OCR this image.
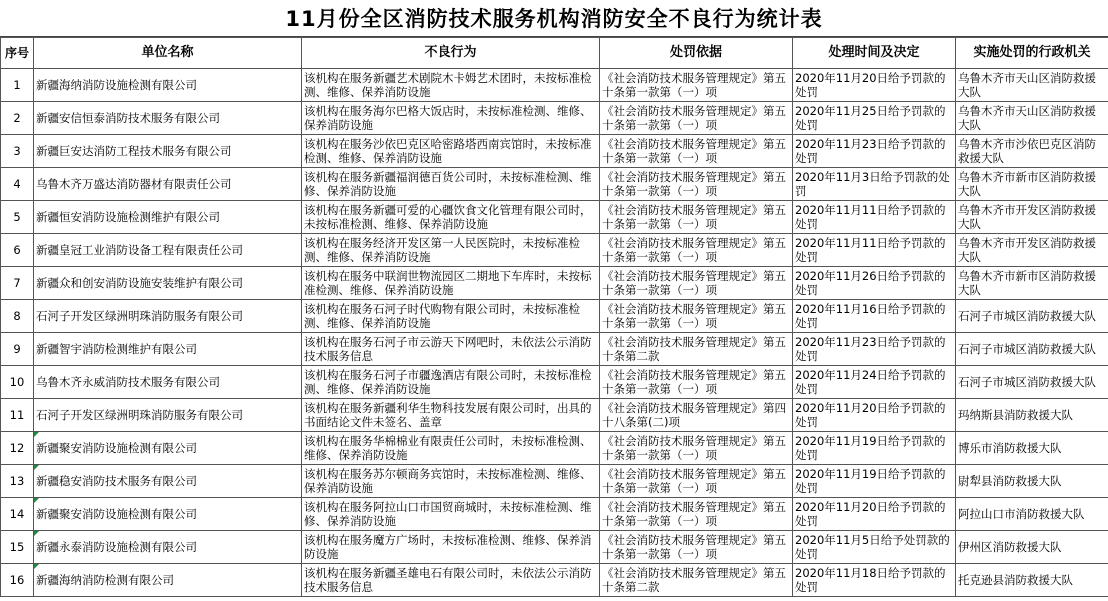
11月份全区消防技术服务机构消防安全不良行为统计表
序号	单位名称	不良行为	处罚依据	处理时间及决定	实施处罚的行政机关
1	新疆海纳消防设施检测有限公司	该机构在服务新疆艺术剧院木卡姆艺术团时，未按标准检测、维修、保养消防设施	《社会消防技术服务管理规定》第五十条第一款第（一）项	2020年11月20日给予罚款的处罚	乌鲁木齐市天山区消防救援大队
2	新疆安信恒泰消防技术服务有限公司	该机构在服务海尔巴格大饭店时，未按标准检测、维修、保养消防设施	《社会消防技术服务管理规定》第五十条第一款第（一）项	2020年11月25日给予罚款的处罚	乌鲁木齐市天山区消防救援大队
3	新疆巨安达消防工程技术服务有限公司	该机构在服务沙依巴克区哈密路塔西南宾馆时，未按标准检测、维修、保养消防设施	《社会消防技术服务管理规定》第五十条第一款第（一）项	2020年11月23日给予罚款的处罚	乌鲁木齐市沙依巴克区消防救援大队
4	乌鲁木齐万盛达消防器材有限责任公司	该机构在服务新疆福润德百货公司时，未按标准检测、维修、保养消防设施	《社会消防技术服务管理规定》第五十条第一款第（一）项	2020年11月3日给予罚款的处罚	乌鲁木齐市新市区消防救援大队
5	新疆恒安消防设施检测维护有限公司	该机构在服务新疆可爱的心疆饮食文化管理有限公司时，未按标准检测、维修、保养消防设施	《社会消防技术服务管理规定》第五十条第一款第（一）项	2020年11月11日给予罚款的处罚	乌鲁木齐市开发区消防救援大队
6	新疆皇冠工业消防设备工程有限责任公司	该机构在服务经济开发区第一人民医院时，未按标准检测、维修、保养消防设施	《社会消防技术服务管理规定》第五十条第一款第（一）项	2020年11月11日给予罚款的处罚	乌鲁木齐市开发区消防救援大队
7	新疆众和创安消防设施安装维护有限公司	该机构在服务中联润世物流园区二期地下车库时，未按标准检测、维修、保养消防设施	《社会消防技术服务管理规定》第五十条第一款第（一）项	2020年11月26日给予罚款的处罚	乌鲁木齐市新市区消防救援大队
8	石河子开发区绿洲明珠消防服务有限公司	该机构在服务石河子时代购物有限公司时，未按标准检测、维修、保养消防设施	《社会消防技术服务管理规定》第五十条第一款第（一）项	2020年11月16日给予罚款的处罚	石河子市城区消防救援大队
9	新疆智宇消防检测维护有限公司	该机构在服务石河子市云游天下网吧时，未依法公示消防技术服务信息	《社会消防技术服务管理规定》第五十条第二款	2020年11月23日给予罚款的处罚	石河子市城区消防救援大队
10	乌鲁木齐永威消防技术服务有限公司	该机构在服务石河子市疆逸酒店有限公司时，未按标准检测、维修、保养消防设施	《社会消防技术服务管理规定》第五十条第一款第（一）项	2020年11月24日给予罚款的处罚	石河子市城区消防救援大队
11	石河子开发区绿洲明珠消防服务有限公司	该机构在服务新疆利华生物科技发展有限公司时，出具的书面结论文件未签名、盖章	《社会消防技术服务管理规定》第四十八条第(二)项	2020年11月20日给予罚款的处罚	玛纳斯县消防救援大队
12	新疆聚安消防设施检测有限公司	该机构在服务华棉棉业有限责任公司时，未按标准检测、维修、保养消防设施	《社会消防技术服务管理规定》第五十条第一款第（一）项	2020年11月19日给予罚款的处罚	博乐市消防救援大队
13	新疆稳安消防技术服务有限公司	该机构在服务苏尔顿商务宾馆时，未按标准检测、维修、保养消防设施	《社会消防技术服务管理规定》第五十条第一款第（一）项	2020年11月19日给予罚款的处罚	尉犁县消防救援大队
14	新疆聚安消防设施检测有限公司	该机构在服务阿拉山口市国贸商城时，未按标准检测、维修、保养消防设施	《社会消防技术服务管理规定》第五十条第一款第（一）项	2020年11月20日给予罚款的处罚	阿拉山口市消防救援大队
15	新疆永泰消防设施检测有限公司	该机构在服务魔方广场时，未按标准检测、维修、保养消防设施	《社会消防技术服务管理规定》第五十条第一款第（一）项	2020年11月5日给予处罚款的处罚	伊州区消防救援大队
16	新疆海纳消防检测有限公司	该机构在服务新疆圣雄电石有限公司时，未依法公示消防技术服务信息	《社会消防技术服务管理规定》第五十条第二款	2020年11月18日给予罚款的处罚	托克逊县消防救援大队
